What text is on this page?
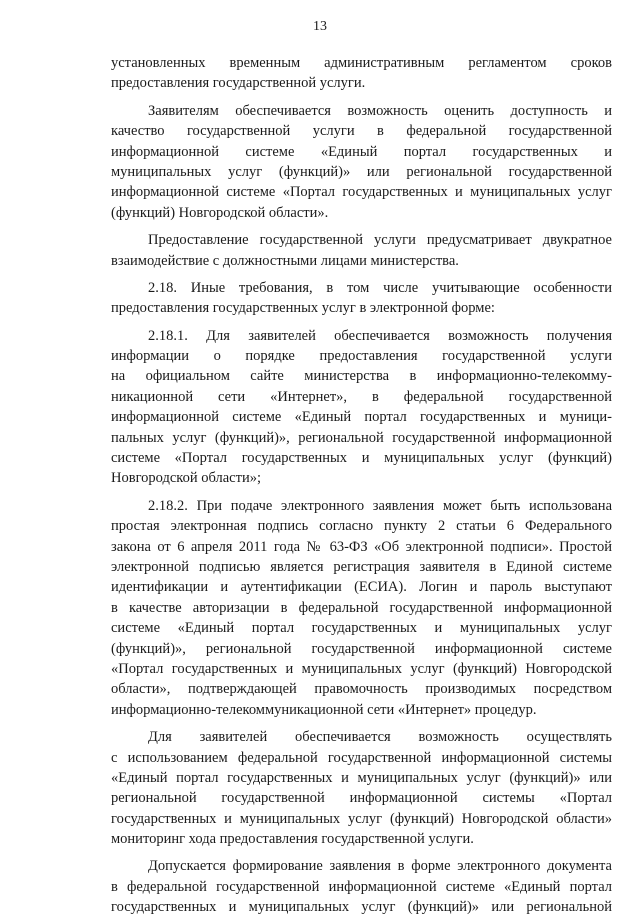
13
установленных временным административным регламентом сроков
предоставления государственной услуги.
Заявителям обеспечивается возможность оценить доступность и
качество государственной услуги в федеральной государственной
информационной системе «Единый портал государственных и
муниципальных услуг (функций)» или региональной государственной
информационной системе «Портал государственных и муниципальных услуг
(функций) Новгородской области».
Предоставление государственной услуги предусматривает двукратное
взаимодействие с должностными лицами министерства.
2.18. Иные требования, в том числе учитывающие особенности
предоставления государственных услуг в электронной форме:
2.18.1. Для заявителей обеспечивается возможность получения
информации о порядке предоставления государственной услуги
на официальном сайте министерства в информационно-телекомму-
никационной сети «Интернет», в федеральной государственной
информационной системе «Единый портал государственных и муници-
пальных услуг (функций)», региональной государственной информационной
системе «Портал государственных и муниципальных услуг (функций)
Новгородской области»;
2.18.2. При подаче электронного заявления может быть использована
простая электронная подпись согласно пункту 2 статьи 6 Федерального
закона от 6 апреля 2011 года № 63-ФЗ «Об электронной подписи». Простой
электронной подписью является регистрация заявителя в Единой системе
идентификации и аутентификации (ЕСИА). Логин и пароль выступают
в качестве авторизации в федеральной государственной информационной
системе «Единый портал государственных и муниципальных услуг
(функций)», региональной государственной информационной системе
«Портал государственных и муниципальных услуг (функций) Новгородской
области», подтверждающей правомочность производимых посредством
информационно-телекоммуникационной сети «Интернет» процедур.
Для заявителей обеспечивается возможность осуществлять
с использованием федеральной государственной информационной системы
«Единый портал государственных и муниципальных услуг (функций)» или
региональной государственной информационной системы «Портал
государственных и муниципальных услуг (функций) Новгородской области»
мониторинг хода предоставления государственной услуги.
Допускается формирование заявления в форме электронного документа
в федеральной государственной информационной системе «Единый портал
государственных и муниципальных услуг (функций)» или региональной
